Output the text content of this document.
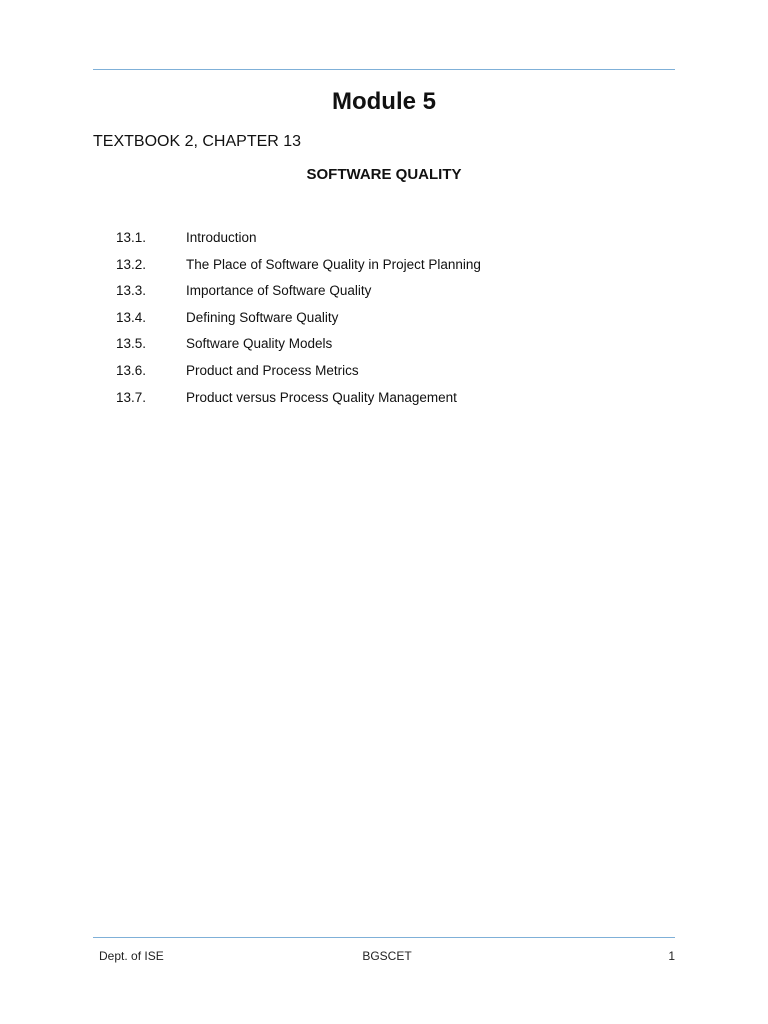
Module 5
TEXTBOOK 2, CHAPTER 13
SOFTWARE QUALITY
13.1.	Introduction
13.2.	The Place of Software Quality in Project Planning
13.3.	Importance of Software Quality
13.4.	Defining Software Quality
13.5.	Software Quality Models
13.6.	Product and Process Metrics
13.7.	Product versus Process Quality Management
Dept. of ISE	BGSCET	1
